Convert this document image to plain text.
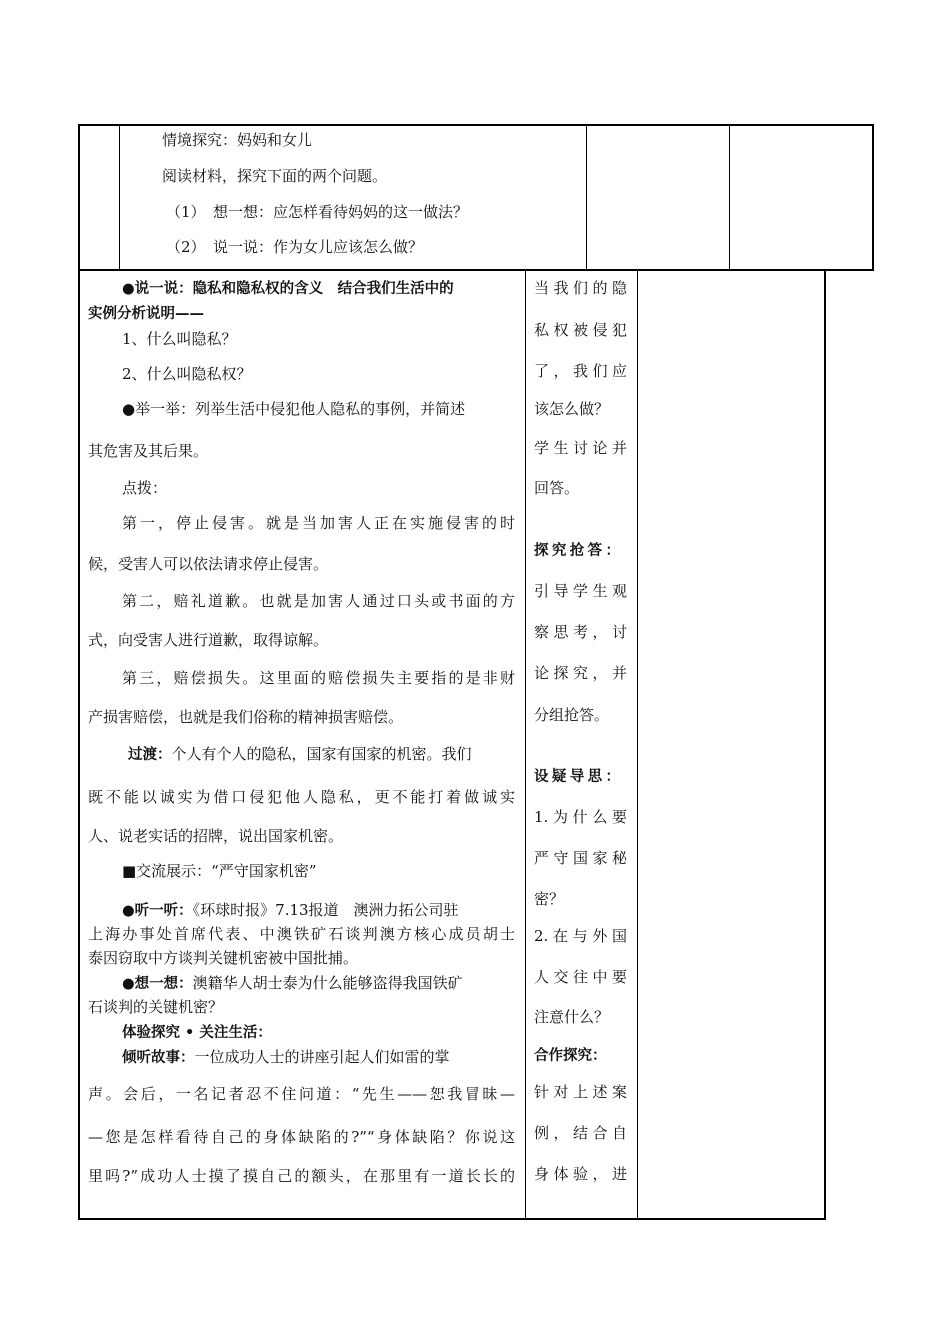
情境探究：妈妈和女儿
阅读材料，探究下面的两个问题。
（1）　想一想：应怎样看待妈妈的这一做法？
（2）　说一说：作为女儿应该怎么做？
●说一说：隐私和隐私权的含义　结合我们生活中的
实例分析说明——
1、什么叫隐私？
2、什么叫隐私权？
●举一举：列举生活中侵犯他人隐私的事例，并简述
其危害及其后果。
点拨：
第一，停止侵害。就是当加害人正在实施侵害的时
候，受害人可以依法请求停止侵害。
第二，赔礼道歉。也就是加害人通过口头或书面的方
式，向受害人进行道歉，取得谅解。
第三，赔偿损失。这里面的赔偿损失主要指的是非财
产损害赔偿，也就是我们俗称的精神损害赔偿。
过渡：个人有个人的隐私，国家有国家的机密。我们
既不能以诚实为借口侵犯他人隐私，更不能打着做诚实
人、说老实话的招牌，说出国家机密。
■交流展示：“严守国家机密”
●听一听：《环球时报》7.13报道　澳洲力拓公司驻
上海办事处首席代表、中澳铁矿石谈判澳方核心成员胡士
泰因窃取中方谈判关键机密被中国批捕。
●想一想：澳籍华人胡士泰为什么能够盗得我国铁矿
石谈判的关键机密？
体验探究 • 关注生活：
倾听故事：一位成功人士的讲座引起人们如雷的掌
声。会后，一名记者忍不住问道：“先生——恕我冒昧—
—您是怎样看待自己的身体缺陷的?”“身体缺陷？你说这
里吗?”成功人士摸了摸自己的额头，在那里有一道长长的
当我们的隐
私权被侵犯
了，我们应
该怎么做？
学生讨论并
回答。
探究抢答：
引导学生观
察思考，讨
论探究，并
分组抢答。
设疑导思：
1.为什么要
严守国家秘
密？
2.在与外国
人交往中要
注意什么？
合作探究：
针对上述案
例，结合自
身体验，进
